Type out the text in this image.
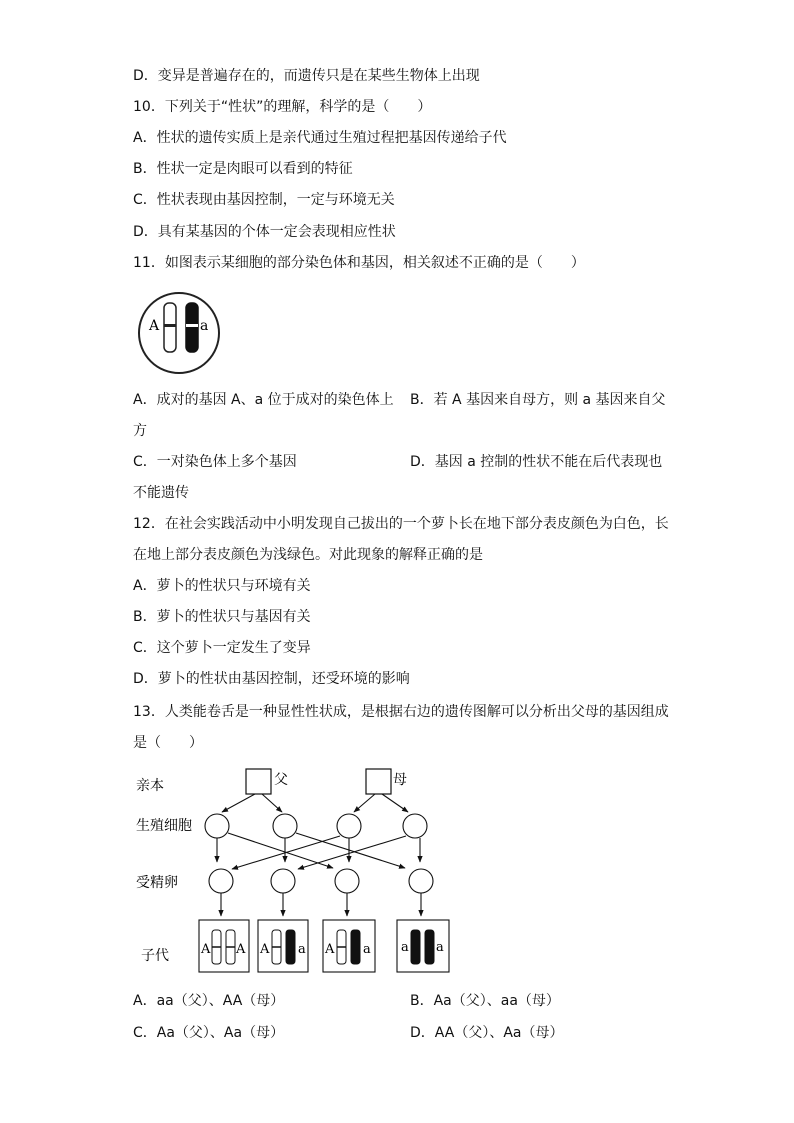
D．变异是普遍存在的，而遗传只是在某些生物体上出现
10．下列关于“性状”的理解，科学的是（　　）
A．性状的遗传实质上是亲代通过生殖过程把基因传递给子代
B．性状一定是肉眼可以看到的特征
C．性状表现由基因控制，一定与环境无关
D．具有某基因的个体一定会表现相应性状
11．如图表示某细胞的部分染色体和基因，相关叙述不正确的是（　　）
A	a
A．成对的基因 A、a 位于成对的染色体上 B．若 A 基因来自母方，则 a 基因来自父
方
C．一对染色体上多个基因	D．基因 a 控制的性状不能在后代表现也
不能遗传
12．在社会实践活动中小明发现自己拔出的一个萝卜长在地下部分表皮颜色为白色，长
在地上部分表皮颜色为浅绿色。对此现象的解释正确的是
A．萝卜的性状只与环境有关
B．萝卜的性状只与基因有关
C．这个萝卜一定发生了变异
D．萝卜的性状由基因控制，还受环境的影响
13．人类能卷舌是一种显性性状成，是根据右边的遗传图解可以分析出父母的基因组成
是（　　）
亲本
生殖细胞
受精卵
子代
父	母
A A A a A a a a
A．aa（父）、AA（母）	B．Aa（父）、aa（母）
C．Aa（父）、Aa（母）	D．AA（父）、Aa（母）
